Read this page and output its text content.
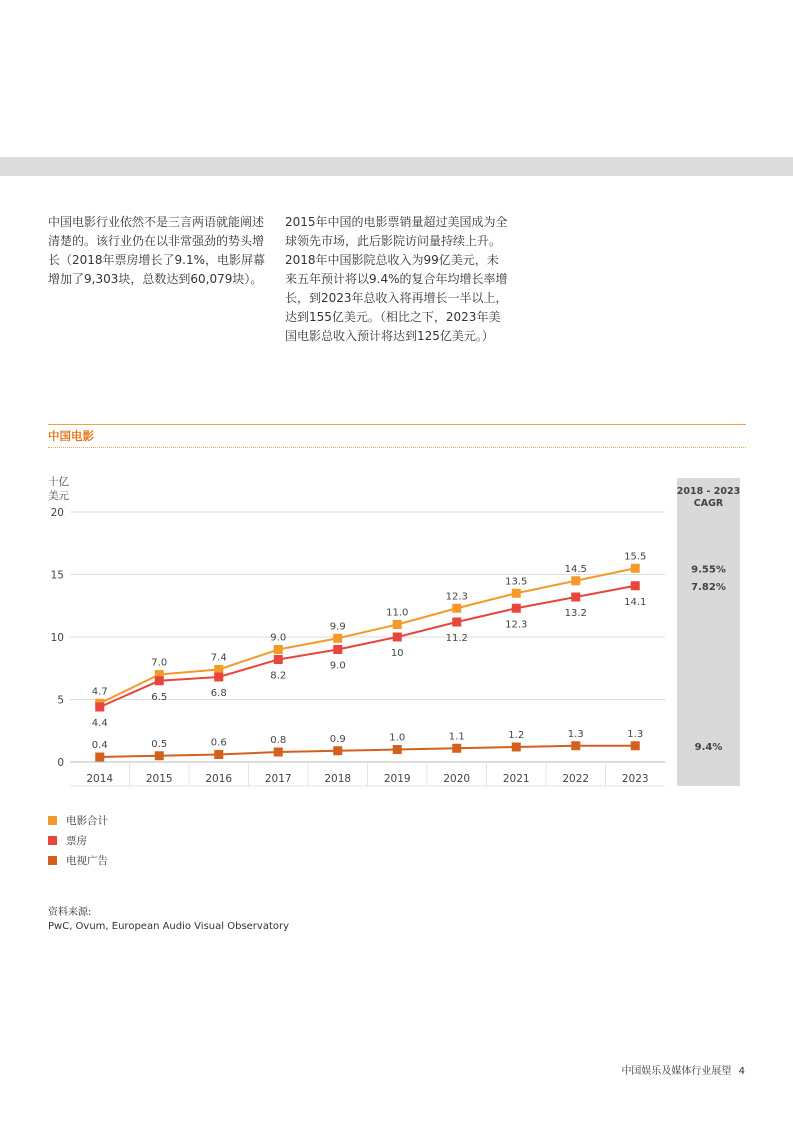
中国电影行业依然不是三言两语就能阐述清楚的。该行业仍在以非常强劲的势头增长（2018年票房增长了9.1%，电影屏幕增加了9,303块，总数达到60,079块）。
2015年中国的电影票销量超过美国成为全球领先市场，此后影院访问量持续上升。2018年中国影院总收入为99亿美元，未来五年预计将以9.4%的复合年均增长率增长，到2023年总收入将再增长一半以上，达到155亿美元。（相比之下，2023年美国电影总收入预计将达到125亿美元。）
中国电影
2018 - 2023
CAGR
0
5
10
15
20
十亿
美元
2014	2015	2016	2017	2018	2019	2020	2021	2022	2023
4.7
7.0	7.4
9.0
9.9
11.0
12.3
13.5
14.5
15.5
9.55%
4.4
6.5	6.8
8.2
9.0
10
11.2
12.3
13.2
14.1
7.82%
0.4	0.5	0.6	0.8	0.9	1.0	1.1	1.2	1.3	1.3
9.4%
电影合计
票房
电视广告
资料来源:
PwC, Ovum, European Audio Visual Observatory
中国娱乐及媒体行业展望 4
